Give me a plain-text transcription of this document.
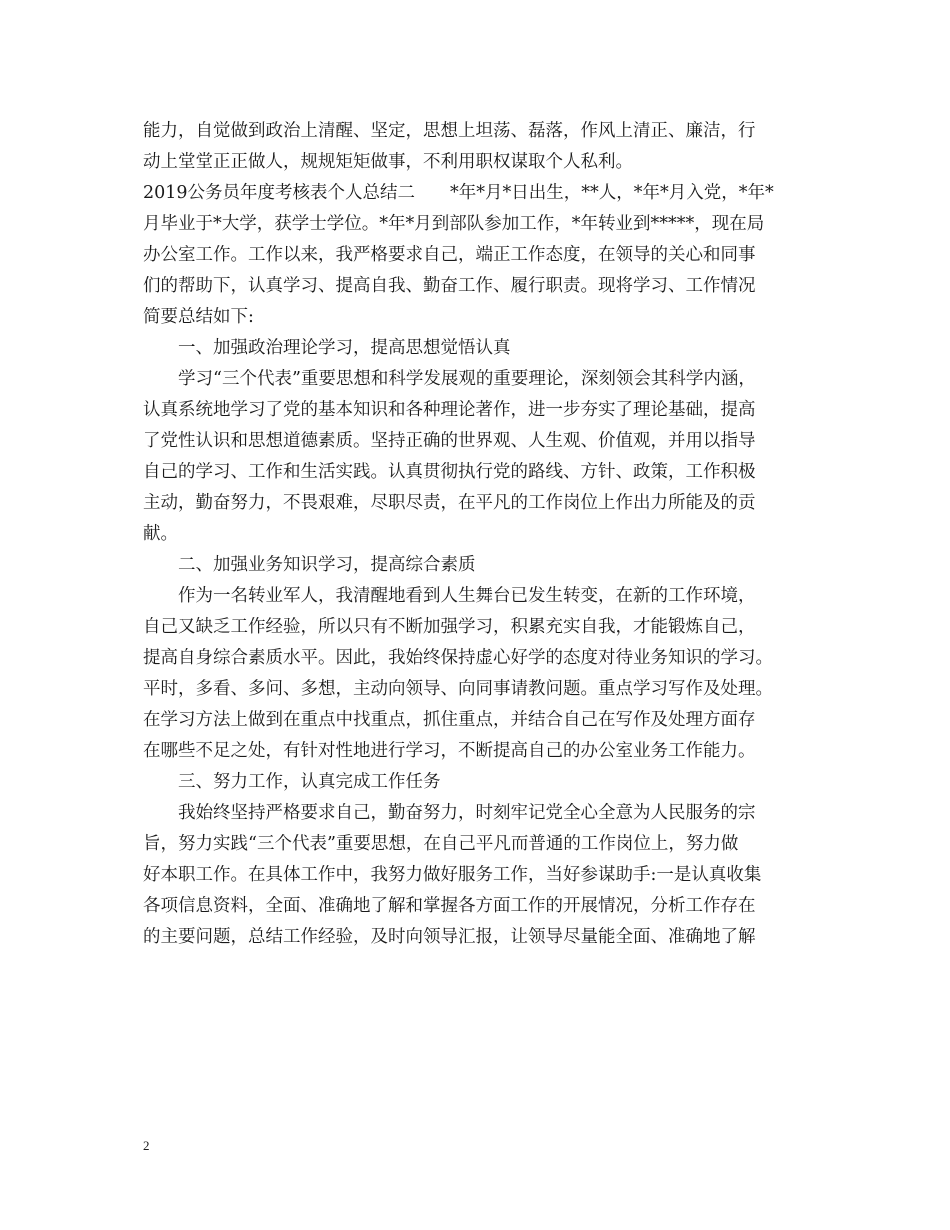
能力，自觉做到政治上清醒、坚定，思想上坦荡、磊落，作风上清正、廉洁，行
动上堂堂正正做人，规规矩矩做事，不利用职权谋取个人私利。
2019公务员年度考核表个人总结二　　*年*月*日出生，**人，*年*月入党，*年*
月毕业于*大学，获学士学位。*年*月到部队参加工作，*年转业到*****，现在局
办公室工作。工作以来，我严格要求自己，端正工作态度，在领导的关心和同事
们的帮助下，认真学习、提高自我、勤奋工作、履行职责。现将学习、工作情况
简要总结如下:
一、加强政治理论学习，提高思想觉悟认真
学习“三个代表”重要思想和科学发展观的重要理论，深刻领会其科学内涵，
认真系统地学习了党的基本知识和各种理论著作，进一步夯实了理论基础，提高
了党性认识和思想道德素质。坚持正确的世界观、人生观、价值观，并用以指导
自己的学习、工作和生活实践。认真贯彻执行党的路线、方针、政策，工作积极
主动，勤奋努力，不畏艰难，尽职尽责，在平凡的工作岗位上作出力所能及的贡
献。
二、加强业务知识学习，提高综合素质
作为一名转业军人，我清醒地看到人生舞台已发生转变，在新的工作环境，
自己又缺乏工作经验，所以只有不断加强学习，积累充实自我，才能锻炼自己，
提高自身综合素质水平。因此，我始终保持虚心好学的态度对待业务知识的学习。
平时，多看、多问、多想，主动向领导、向同事请教问题。重点学习写作及处理。
在学习方法上做到在重点中找重点，抓住重点，并结合自己在写作及处理方面存
在哪些不足之处，有针对性地进行学习，不断提高自己的办公室业务工作能力。
三、努力工作，认真完成工作任务
我始终坚持严格要求自己，勤奋努力，时刻牢记党全心全意为人民服务的宗
旨，努力实践“三个代表”重要思想，在自己平凡而普通的工作岗位上，努力做
好本职工作。在具体工作中，我努力做好服务工作，当好参谋助手:一是认真收集
各项信息资料，全面、准确地了解和掌握各方面工作的开展情况，分析工作存在
的主要问题，总结工作经验，及时向领导汇报，让领导尽量能全面、准确地了解
2
